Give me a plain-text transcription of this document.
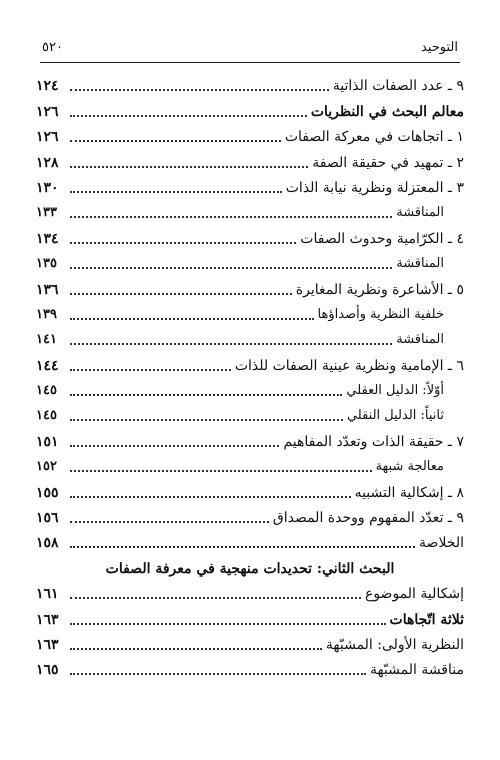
٥٢٠	التوحيد
٩ ـ عدد الصفات الذاتية
١٢٤
معالم البحث في النظريات
١٢٦
١ ـ اتجاهات في معركة الصفات
١٢٦
٢ ـ تمهيد في حقيقة الصفة
١٢٨
٣ ـ المعتزلة ونظرية نيابة الذات
١٣٠
المناقشة
١٣٣
٤ ـ الكرّامية وحدوث الصفات
١٣٤
المناقشة
١٣٥
٥ ـ الأشاعرة ونظرية المغايرة
١٣٦
خلفية النظرية وأصداؤها
١٣٩
المناقشة
١٤١
٦ ـ الإمامية ونظرية عينية الصفات للذات
١٤٤
أوّلاً: الدليل العقلي
١٤٥
ثانياً: الدليل النقلي
١٤٥
٧ ـ حقيقة الذات وتعدّد المفاهيم
١٥١
معالجة شبهة
١٥٢
٨ ـ إشكالية التشبيه
١٥٥
٩ ـ تعدّد المفهوم ووحدة المصداق
١٥٦
الخلاصة
١٥٨
البحث الثاني: تحديدات منهجية في معرفة الصفات
إشكالية الموضوع
١٦١
ثلاثة اتّجاهات
١٦٣
النظرية الأولى: المشبّهة
١٦٣
مناقشة المشبّهة
١٦٥
